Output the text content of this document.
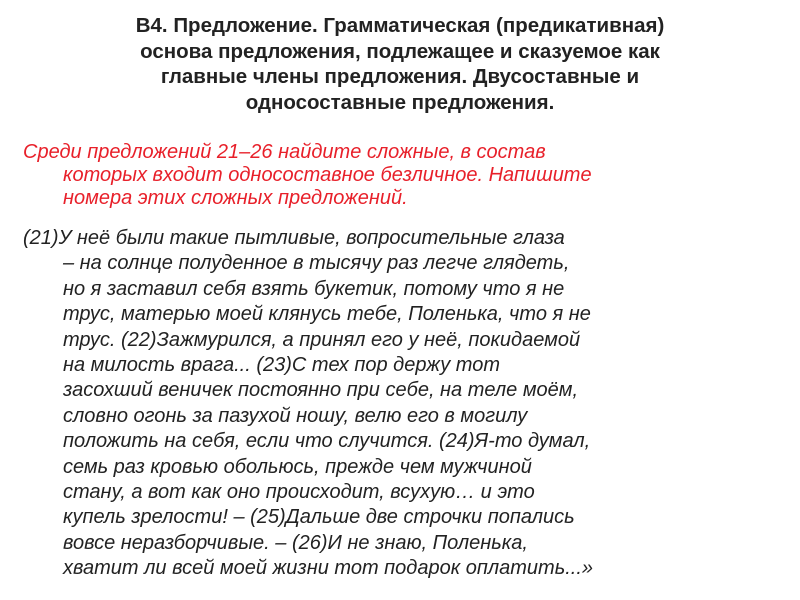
В4. Предложение. Грамматическая (предикативная)
основа предложения, подлежащее и сказуемое как
главные члены предложения. Двусоставные и
односоставные предложения.

Среди предложений 21–26 найдите сложные, в состав
которых входит односоставное безличное. Напишите
номера этих сложных предложений.

(21)У неё были такие пытливые, вопросительные глаза
– на солнце полуденное в тысячу раз легче глядеть,
но я заставил себя взять букетик, потому что я не
трус, матерью моей клянусь тебе, Поленька, что я не
трус. (22)Зажмурился, а принял его у неё, покидаемой
на милость врага... (23)С тех пор держу тот
засохший веничек постоянно при себе, на теле моём,
словно огонь за пазухой ношу, велю его в могилу
положить на себя, если что случится. (24)Я-то думал,
семь раз кровью обольюсь, прежде чем мужчиной
стану, а вот как оно происходит, всухую… и это
купель зрелости! – (25)Дальше две строчки попались
вовсе неразборчивые. – (26)И не знаю, Поленька,
хватит ли всей моей жизни тот подарок оплатить...»
